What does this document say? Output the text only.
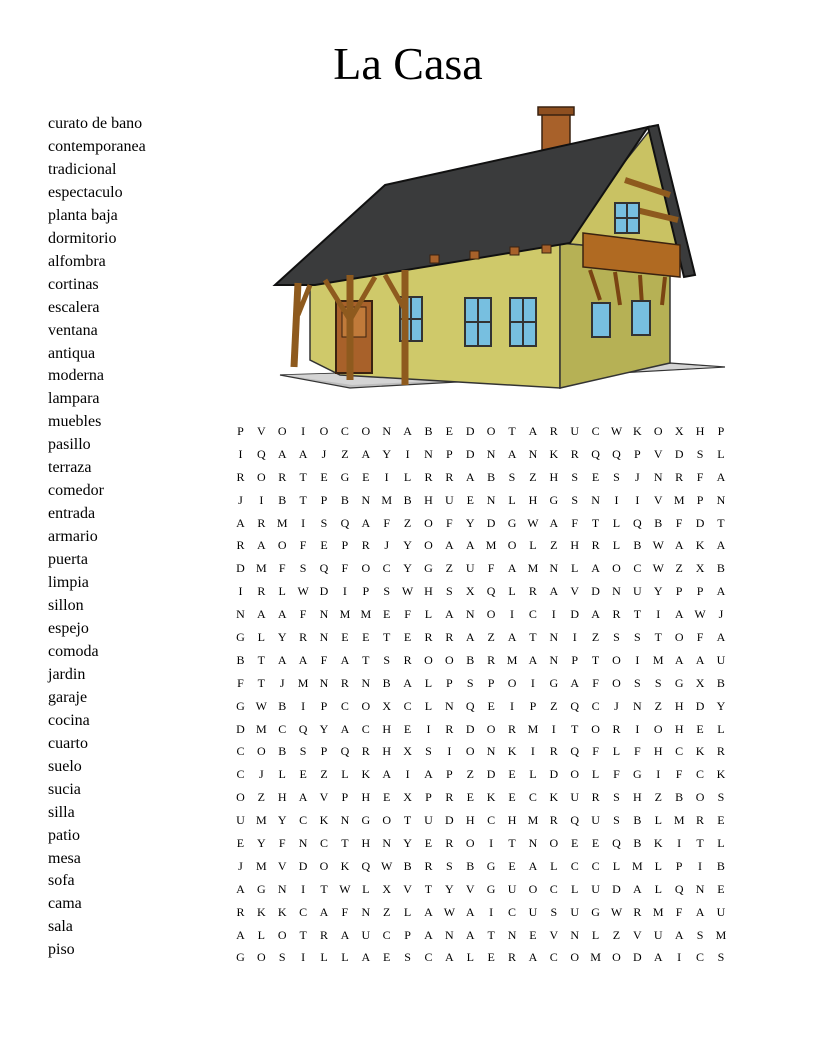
La Casa
curato de bano
contemporanea
tradicional
espectaculo
planta baja
dormitorio
alfombra
cortinas
escalera
ventana
antiqua
moderna
lampara
muebles
pasillo
terraza
comedor
entrada
armario
puerta
limpia
sillon
espejo
comoda
jardin
garaje
cocina
cuarto
suelo
sucia
silla
patio
mesa
sofa
cama
sala
piso
P	V	O	I	O	C	O	N	A	B	E	D	O	T	A	R	U	C	W	K	O	X	H	P
I	Q	A	A	J	Z	A	Y	I	N	P	D	N	A	N	K	R	Q	Q	P	V	D	S	L
R	O	R	T	E	G	E	I	L	R	R	A	B	S	Z	H	S	E	S	J	N	R	F	A
J	I	B	T	P	B	N	M	B	H	U	E	N	L	H	G	S	N	I	I	V	M	P	N
A	R	M	I	S	Q	A	F	Z	O	F	Y	D	G	W	A	F	T	L	Q	B	F	D	T
R	A	O	F	E	P	R	J	Y	O	A	A	M	O	L	Z	H	R	L	B	W	A	K	A
D	M	F	S	Q	F	O	C	Y	G	Z	U	F	A	M	N	L	A	O	C	W	Z	X	B
I	R	L	W	D	I	P	S	W	H	S	X	Q	L	R	A	V	D	N	U	Y	P	P	A
N	A	A	F	N	M	M	E	F	L	A	N	O	I	C	I	D	A	R	T	I	A	W	J
G	L	Y	R	N	E	E	T	E	R	R	A	Z	A	T	N	I	Z	S	S	T	O	F	A
B	T	A	A	F	A	T	S	R	O	O	B	R	M	A	N	P	T	O	I	M	A	A	U
F	T	J	M	N	R	N	B	A	L	P	S	P	O	I	G	A	F	O	S	S	G	X	B
G	W	B	I	P	C	O	X	C	L	N	Q	E	I	P	Z	Q	C	J	N	Z	H	D	Y
D	M	C	Q	Y	A	C	H	E	I	R	D	O	R	M	I	T	O	R	I	O	H	E	L
C	O	B	S	P	Q	R	H	X	S	I	O	N	K	I	R	Q	F	L	F	H	C	K	R
C	J	L	E	Z	L	K	A	I	A	P	Z	D	E	L	D	O	L	F	G	I	F	C	K
O	Z	H	A	V	P	H	E	X	P	R	E	K	E	C	K	U	R	S	H	Z	B	O	S
U	M	Y	C	K	N	G	O	T	U	D	H	C	H	M	R	Q	U	S	B	L	M	R	E
E	Y	F	N	C	T	H	N	Y	E	R	O	I	T	N	O	E	E	Q	B	K	I	T	L
J	M	V	D	O	K	Q	W	B	R	S	B	G	E	A	L	C	C	L	M	L	P	I	B
A	G	N	I	T	W	L	X	V	T	Y	V	G	U	O	C	L	U	D	A	L	Q	N	E
R	K	K	C	A	F	N	Z	L	A	W	A	I	C	U	S	U	G	W	R	M	F	A	U
A	L	O	T	R	A	U	C	P	A	N	A	T	N	E	V	N	L	Z	V	U	A	S	M
G	O	S	I	L	L	A	E	S	C	A	L	E	R	A	C	O	M	O	D	A	I	C	S
